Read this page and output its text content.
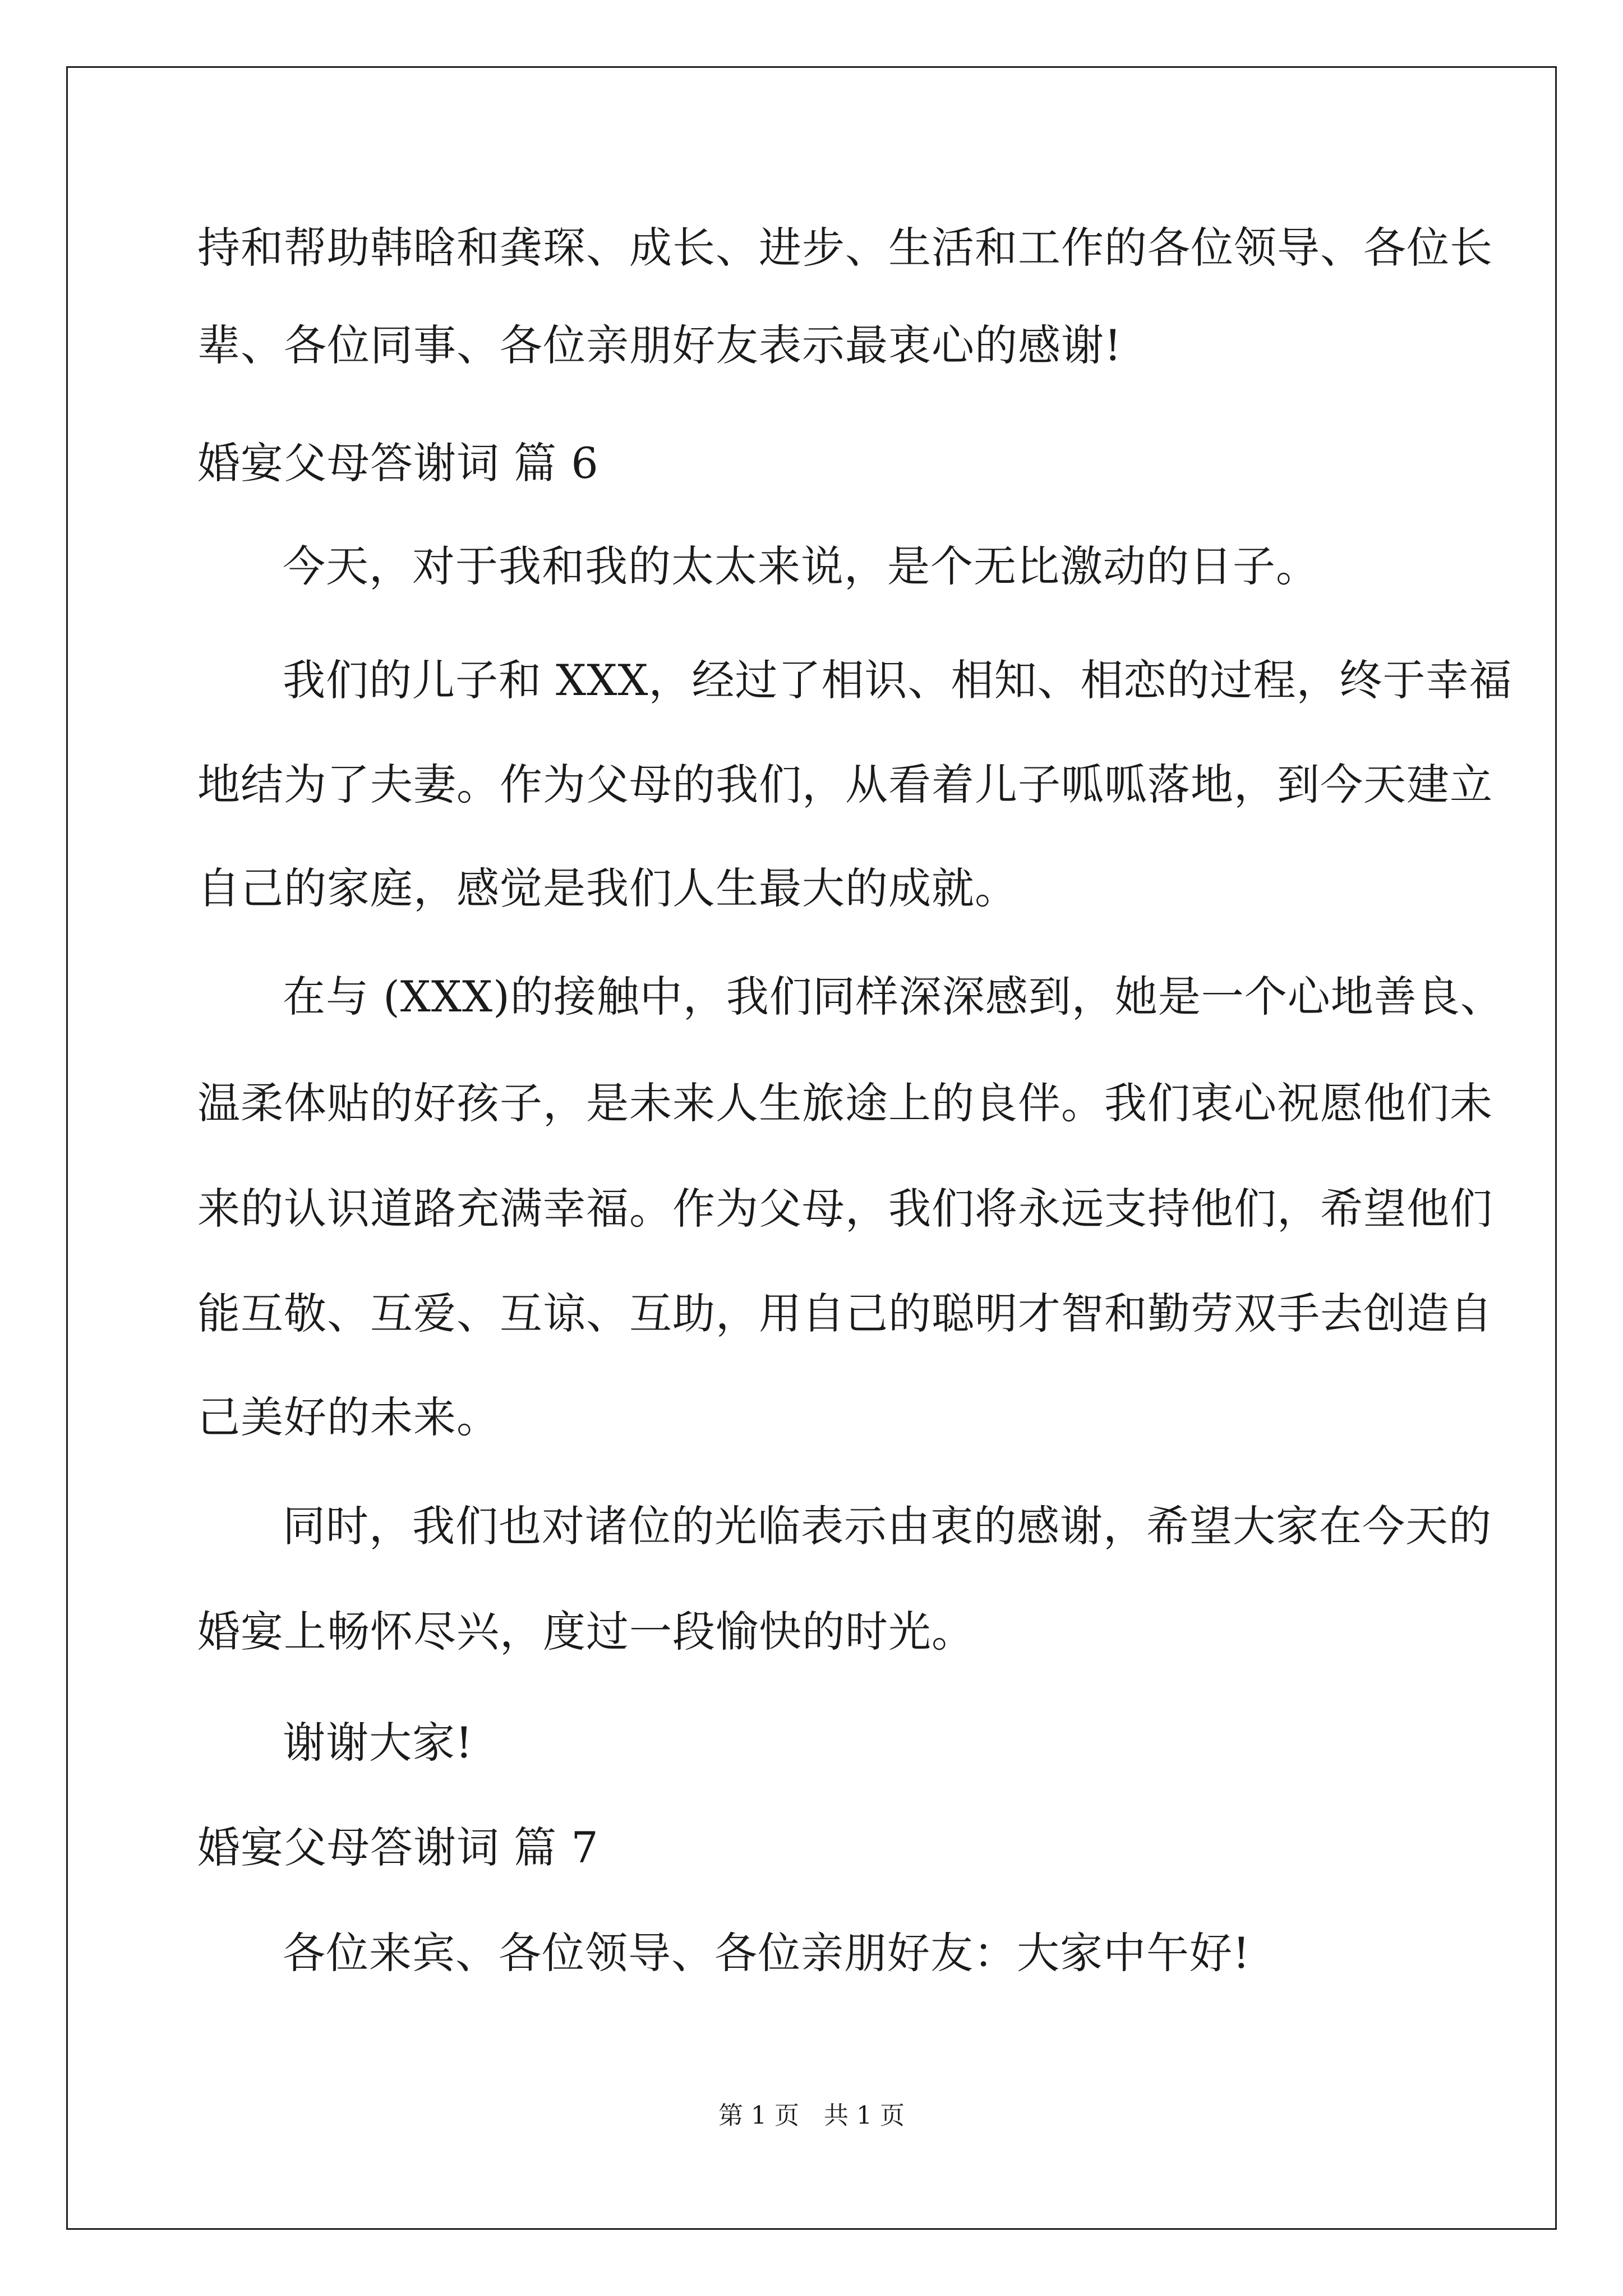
持和帮助韩晗和龚琛、成长、进步、生活和工作的各位领导、各位长
辈、各位同事、各位亲朋好友表示最衷心的感谢!
婚宴父母答谢词 篇 6
今天，对于我和我的太太来说，是个无比激动的日子。
我们的儿子和 XXX，经过了相识、相知、相恋的过程，终于幸福
地结为了夫妻。作为父母的我们，从看着儿子呱呱落地，到今天建立
自己的家庭，感觉是我们人生最大的成就。
在与 (XXX)的接触中，我们同样深深感到，她是一个心地善良、
温柔体贴的好孩子，是未来人生旅途上的良伴。我们衷心祝愿他们未
来的认识道路充满幸福。作为父母，我们将永远支持他们，希望他们
能互敬、互爱、互谅、互助，用自己的聪明才智和勤劳双手去创造自
己美好的未来。
同时，我们也对诸位的光临表示由衷的感谢，希望大家在今天的
婚宴上畅怀尽兴，度过一段愉快的时光。
谢谢大家!
婚宴父母答谢词 篇 7
各位来宾、各位领导、各位亲朋好友：大家中午好!
第 1 页　共 1 页
